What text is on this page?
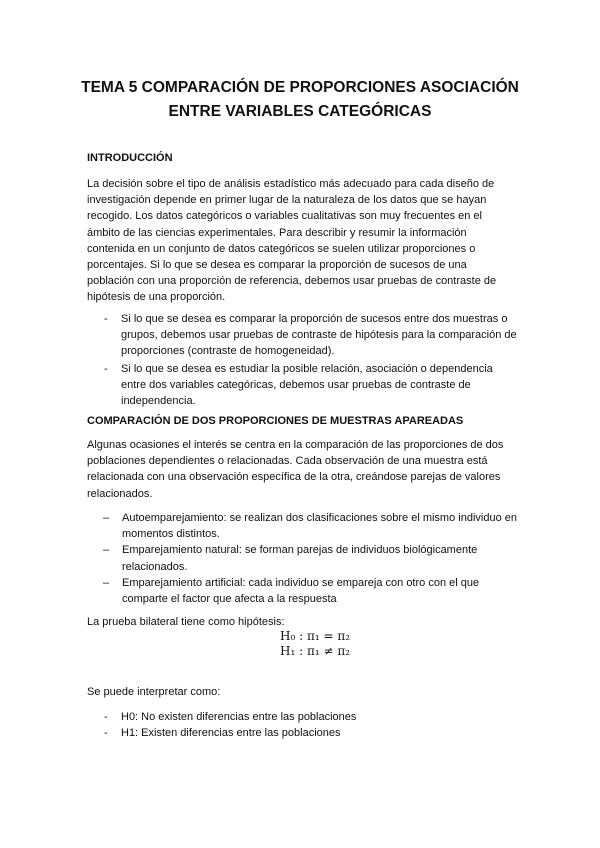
TEMA 5 COMPARACIÓN DE PROPORCIONES ASOCIACIÓN
ENTRE VARIABLES CATEGÓRICAS
INTRODUCCIÓN

La decisión sobre el tipo de análisis estadístico más adecuado para cada diseño de investigación depende en primer lugar de la naturaleza de los datos que se hayan recogido. Los datos categóricos o variables cualitativas son muy frecuentes en el ámbito de las ciencias experimentales. Para describir y resumir la información contenida en un conjunto de datos categóricos se suelen utilizar proporciones o porcentajes. Si lo que se desea es comparar la proporción de sucesos de una población con una proporción de referencia, debemos usar pruebas de contraste de hipótesis de una proporción.

- Si lo que se desea es comparar la proporción de sucesos entre dos muestras o grupos, debemos usar pruebas de contraste de hipótesis para la comparación de proporciones (contraste de homogeneidad).
- Si lo que se desea es estudiar la posible relación, asociación o dependencia entre dos variables categóricas, debemos usar pruebas de contraste de independencia.
COMPARACIÓN DE DOS PROPORCIONES DE MUESTRAS APAREADAS

Algunas ocasiones el interés se centra en la comparación de las proporciones de dos poblaciones dependientes o relacionadas. Cada observación de una muestra está relacionada con una observación específica de la otra, creándose parejas de valores relacionados.

– Autoemparejamiento: se realizan dos clasificaciones sobre el mismo individuo en momentos distintos.
– Emparejamiento natural: se forman parejas de individuos biológicamente relacionados.
– Emparejamiento artificial: cada individuo se empareja con otro con el que comparte el factor que afecta a la respuesta

La prueba bilateral tiene como hipótesis:

H₀ : π₁ = π₂
H₁ : π₁ ≠ π₂

Se puede interpretar como:

- H0: No existen diferencias entre las poblaciones
- H1: Existen diferencias entre las poblaciones
